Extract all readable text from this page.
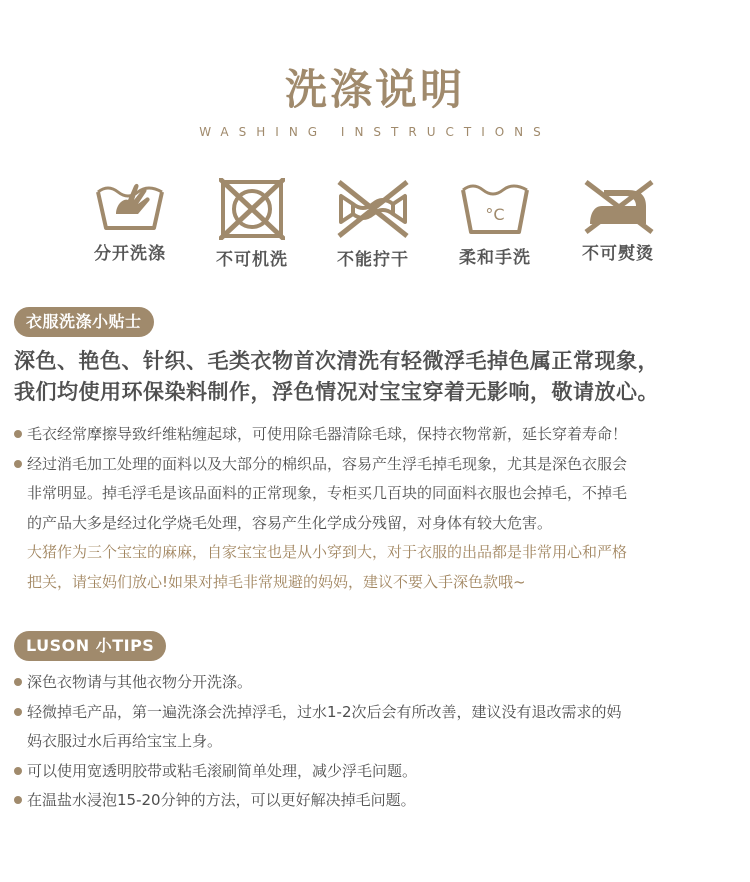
洗涤说明
WASHING INSTRUCTIONS
分开洗涤	不可机洗	不能拧干
°C
柔和手洗	不可熨烫
衣服洗涤小贴士
深色、艳色、针织、毛类衣物首次清洗有轻微浮毛掉色属正常现象，
我们均使用环保染料制作，浮色情况对宝宝穿着无影响，敬请放心。
毛衣经常摩擦导致纤维粘缠起球，可使用除毛器清除毛球，保持衣物常新，延长穿着寿命！
经过消毛加工处理的面料以及大部分的棉织品，容易产生浮毛掉毛现象，尤其是深色衣服会
非常明显。掉毛浮毛是该品面料的正常现象，专柜买几百块的同面料衣服也会掉毛，不掉毛
的产品大多是经过化学烧毛处理，容易产生化学成分残留，对身体有较大危害。
大猪作为三个宝宝的麻麻，自家宝宝也是从小穿到大，对于衣服的出品都是非常用心和严格
把关，请宝妈们放心!如果对掉毛非常规避的妈妈，建议不要入手深色款哦~
LUSON 小TIPS
深色衣物请与其他衣物分开洗涤。
轻微掉毛产品，第一遍洗涤会洗掉浮毛，过水1-2次后会有所改善，建议没有退改需求的妈
妈衣服过水后再给宝宝上身。
可以使用宽透明胶带或粘毛滚刷简单处理，减少浮毛问题。
在温盐水浸泡15-20分钟的方法，可以更好解决掉毛问题。
